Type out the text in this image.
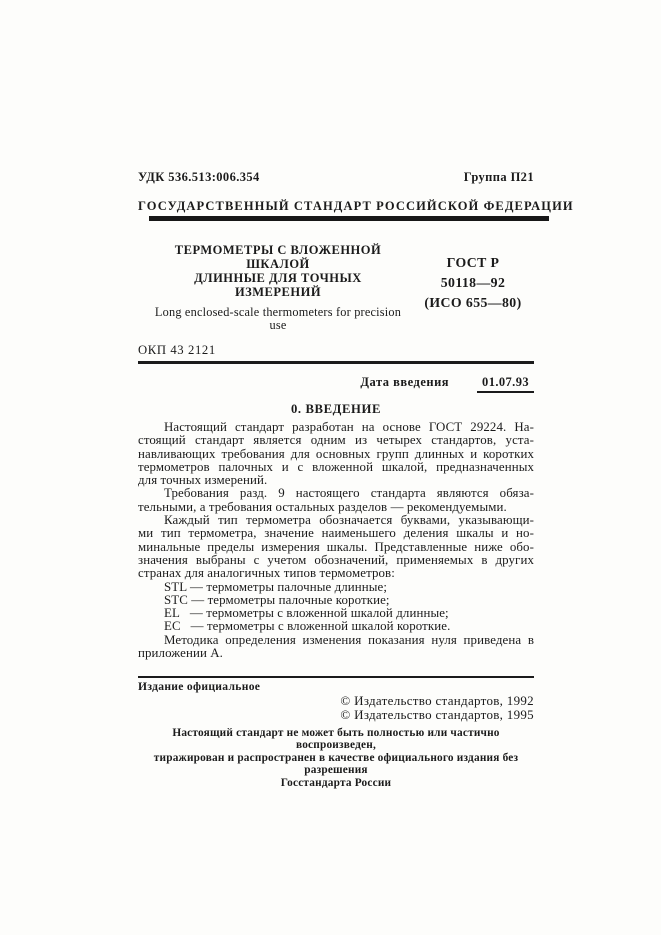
УДК 536.513:006.354	Группа П21
ГОСУДАРСТВЕННЫЙ СТАНДАРТ РОССИЙСКОЙ ФЕДЕРАЦИИ
ТЕРМОМЕТРЫ С ВЛОЖЕННОЙ ШКАЛОЙ
ДЛИННЫЕ ДЛЯ ТОЧНЫХ ИЗМЕРЕНИЙ
Long enclosed-scale thermometers for precision use
ГОСТ Р
50118—92
(ИСО 655—80)
ОКП 43 2121
Дата введения	01.07.93
0. ВВЕДЕНИЕ
Настоящий стандарт разработан на основе ГОСТ 29224. На-
стоящий стандарт является одним из четырех стандартов, уста-
навливающих требования для основных групп длинных и коротких
термометров палочных и с вложенной шкалой, предназначенных
для точных измерений.
Требования разд. 9 настоящего стандарта являются обяза-
тельными, а требования остальных разделов — рекомендуемыми.
Каждый тип термометра обозначается буквами, указывающи-
ми тип термометра, значение наименьшего деления шкалы и но-
минальные пределы измерения шкалы. Представленные ниже обо-
значения выбраны с учетом обозначений, применяемых в других
странах для аналогичных типов термометров:
STL — термометры палочные длинные;
STC — термометры палочные короткие;
EL   — термометры с вложенной шкалой длинные;
EC   — термометры с вложенной шкалой короткие.
Методика определения изменения показания нуля приведена в
приложении А.
Издание официальное
© Издательство стандартов, 1992
© Издательство стандартов, 1995
Настоящий стандарт не может быть полностью или частично воспроизведен,
тиражирован и распространен в качестве официального издания без разрешения
Госстандарта России
